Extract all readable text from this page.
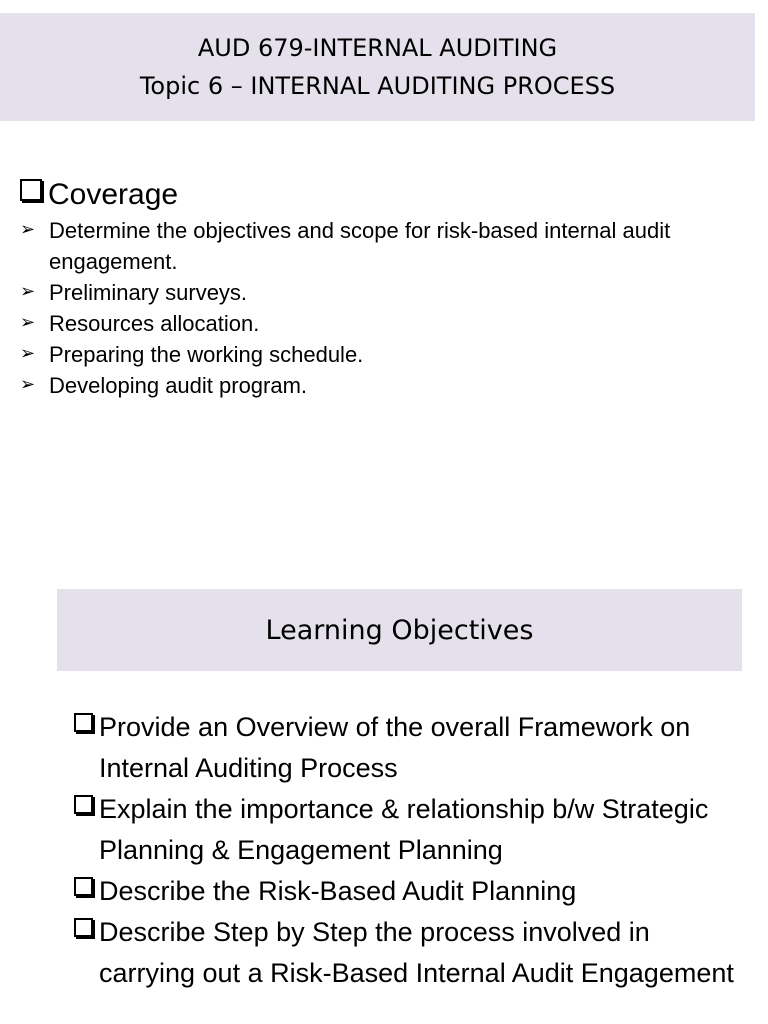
AUD 679-INTERNAL AUDITING
Topic 6 – INTERNAL AUDITING PROCESS
Coverage
➢ Determine the objectives and scope for risk-based internal audit engagement.
➢ Preliminary surveys.
➢ Resources allocation.
➢ Preparing the working schedule.
➢ Developing audit program.
Learning Objectives
Provide an Overview of the overall Framework on Internal Auditing Process
Explain the importance & relationship b/w Strategic Planning & Engagement Planning
Describe the Risk-Based Audit Planning
Describe Step by Step the process involved in carrying out a Risk-Based Internal Audit Engagement
